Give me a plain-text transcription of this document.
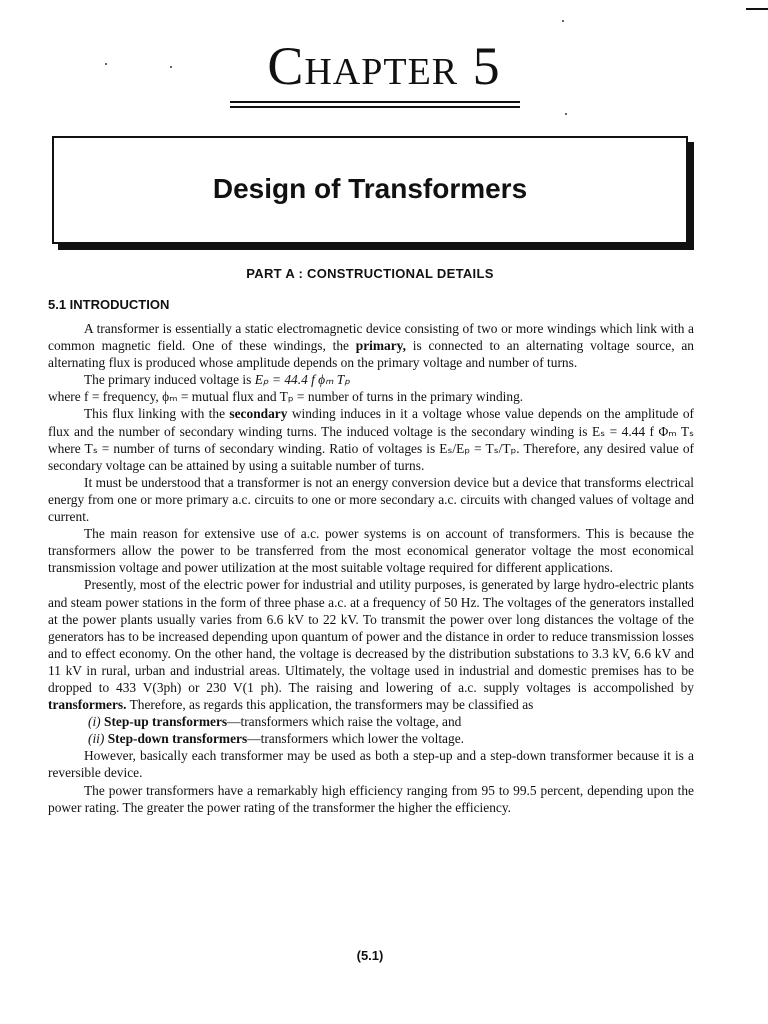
Chapter 5
Design of Transformers
PART A : CONSTRUCTIONAL DETAILS
5.1 INTRODUCTION

A transformer is essentially a static electromagnetic device consisting of two or more windings which link with a common magnetic field. One of these windings, the primary, is connected to an alternating voltage source, an alternating flux is produced whose amplitude depends on the primary voltage and number of turns.

The primary induced voltage is Eₚ = 44.4 f ϕₘ Tₚ

where f = frequency, ϕₘ = mutual flux and Tₚ = number of turns in the primary winding.

This flux linking with the secondary winding induces in it a voltage whose value depends on the amplitude of flux and the number of secondary winding turns. The induced voltage is the secondary winding is Eₛ = 4.44 f Φₘ Tₛ where Tₛ = number of turns of secondary winding. Ratio of voltages is Eₛ/Eₚ = Tₛ/Tₚ. Therefore, any desired value of secondary voltage can be attained by using a suitable number of turns.

It must be understood that a transformer is not an energy conversion device but a device that transforms electrical energy from one or more primary a.c. circuits to one or more secondary a.c. circuits with changed values of voltage and current.

The main reason for extensive use of a.c. power systems is on account of transformers. This is because the transformers allow the power to be transferred from the most economical generator voltage the most economical transmission voltage and power utilization at the most suitable voltage required for different applications.

Presently, most of the electric power for industrial and utility purposes, is generated by large hydro-electric plants and steam power stations in the form of three phase a.c. at a frequency of 50 Hz. The voltages of the generators installed at the power plants usually varies from 6.6 kV to 22 kV. To transmit the power over long distances the voltage of the generators has to be increased depending upon quantum of power and the distance in order to reduce transmission losses and to effect economy. On the other hand, the voltage is decreased by the distribution substations to 3.3 kV, 6.6 kV and 11 kV in rural, urban and industrial areas. Ultimately, the voltage used in industrial and domestic premises has to be dropped to 433 V(3ph) or 230 V(1 ph). The raising and lowering of a.c. supply voltages is accompolished by transformers. Therefore, as regards this application, the transformers may be classified as

(i) Step-up transformers—transformers which raise the voltage, and

(ii) Step-down transformers—transformers which lower the voltage.

However, basically each transformer may be used as both a step-up and a step-down transformer because it is a reversible device.

The power transformers have a remarkably high efficiency ranging from 95 to 99.5 percent, depending upon the power rating. The greater the power rating of the transformer the higher the efficiency.

(5.1)
